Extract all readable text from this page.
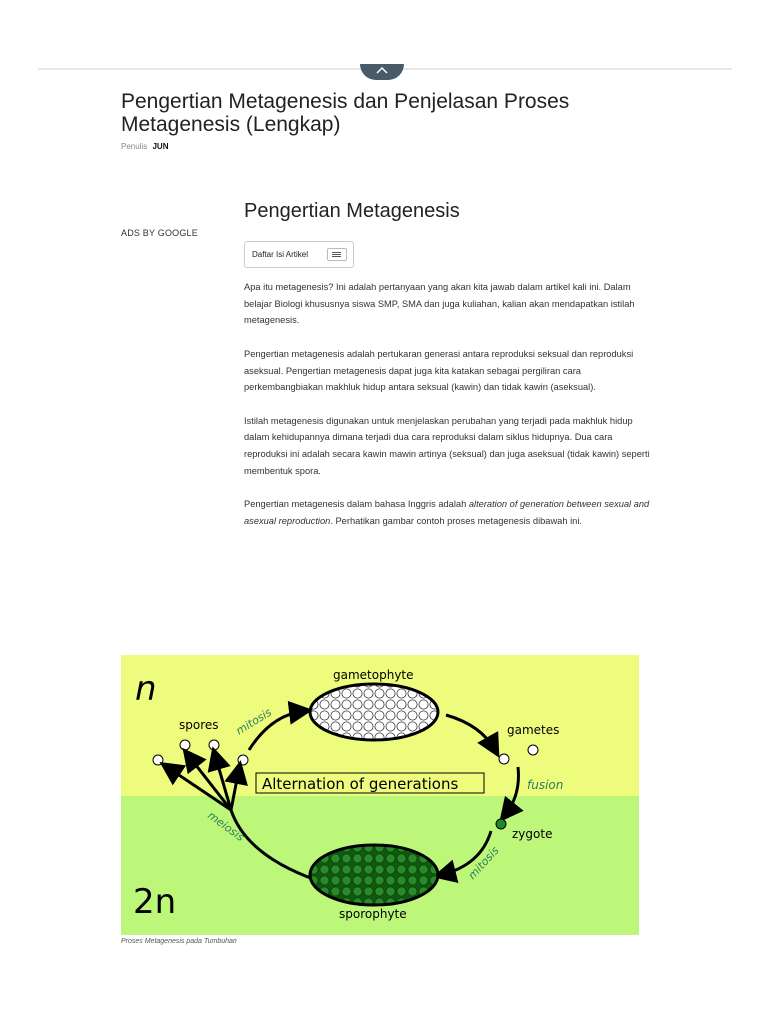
Pengertian Metagenesis dan Penjelasan Proses Metagenesis (Lengkap)
Penulis JUN
ADS BY GOOGLE
Pengertian Metagenesis
Daftar Isi Artikel

Apa itu metagenesis? Ini adalah pertanyaan yang akan kita jawab dalam artikel kali ini. Dalam belajar Biologi khususnya siswa SMP, SMA dan juga kuliahan, kalian akan mendapatkan istilah metagenesis.

Pengertian metagenesis adalah pertukaran generasi antara reproduksi seksual dan reproduksi aseksual. Pengertian metagenesis dapat juga kita katakan sebagai pergiliran cara perkembangbiakan makhluk hidup antara seksual (kawin) dan tidak kawin (aseksual).

Istilah metagenesis digunakan untuk menjelaskan perubahan yang terjadi pada makhluk hidup dalam kehidupannya dimana terjadi dua cara reproduksi dalam siklus hidupnya. Dua cara reproduksi ini adalah secara kawin mawin artinya (seksual) dan juga aseksual (tidak kawin) seperti membentuk spora.

Pengertian metagenesis dalam bahasa Inggris adalah alteration of generation between sexual and asexual reproduction. Perhatikan gambar contoh proses metagenesis dibawah ini.

n
2n
gametophyte
spores	gametes
Alternation of generations
mitosis
fusion
meiosis
mitosis
zygote
sporophyte
Proses Metagenesis pada Tumbuhan
